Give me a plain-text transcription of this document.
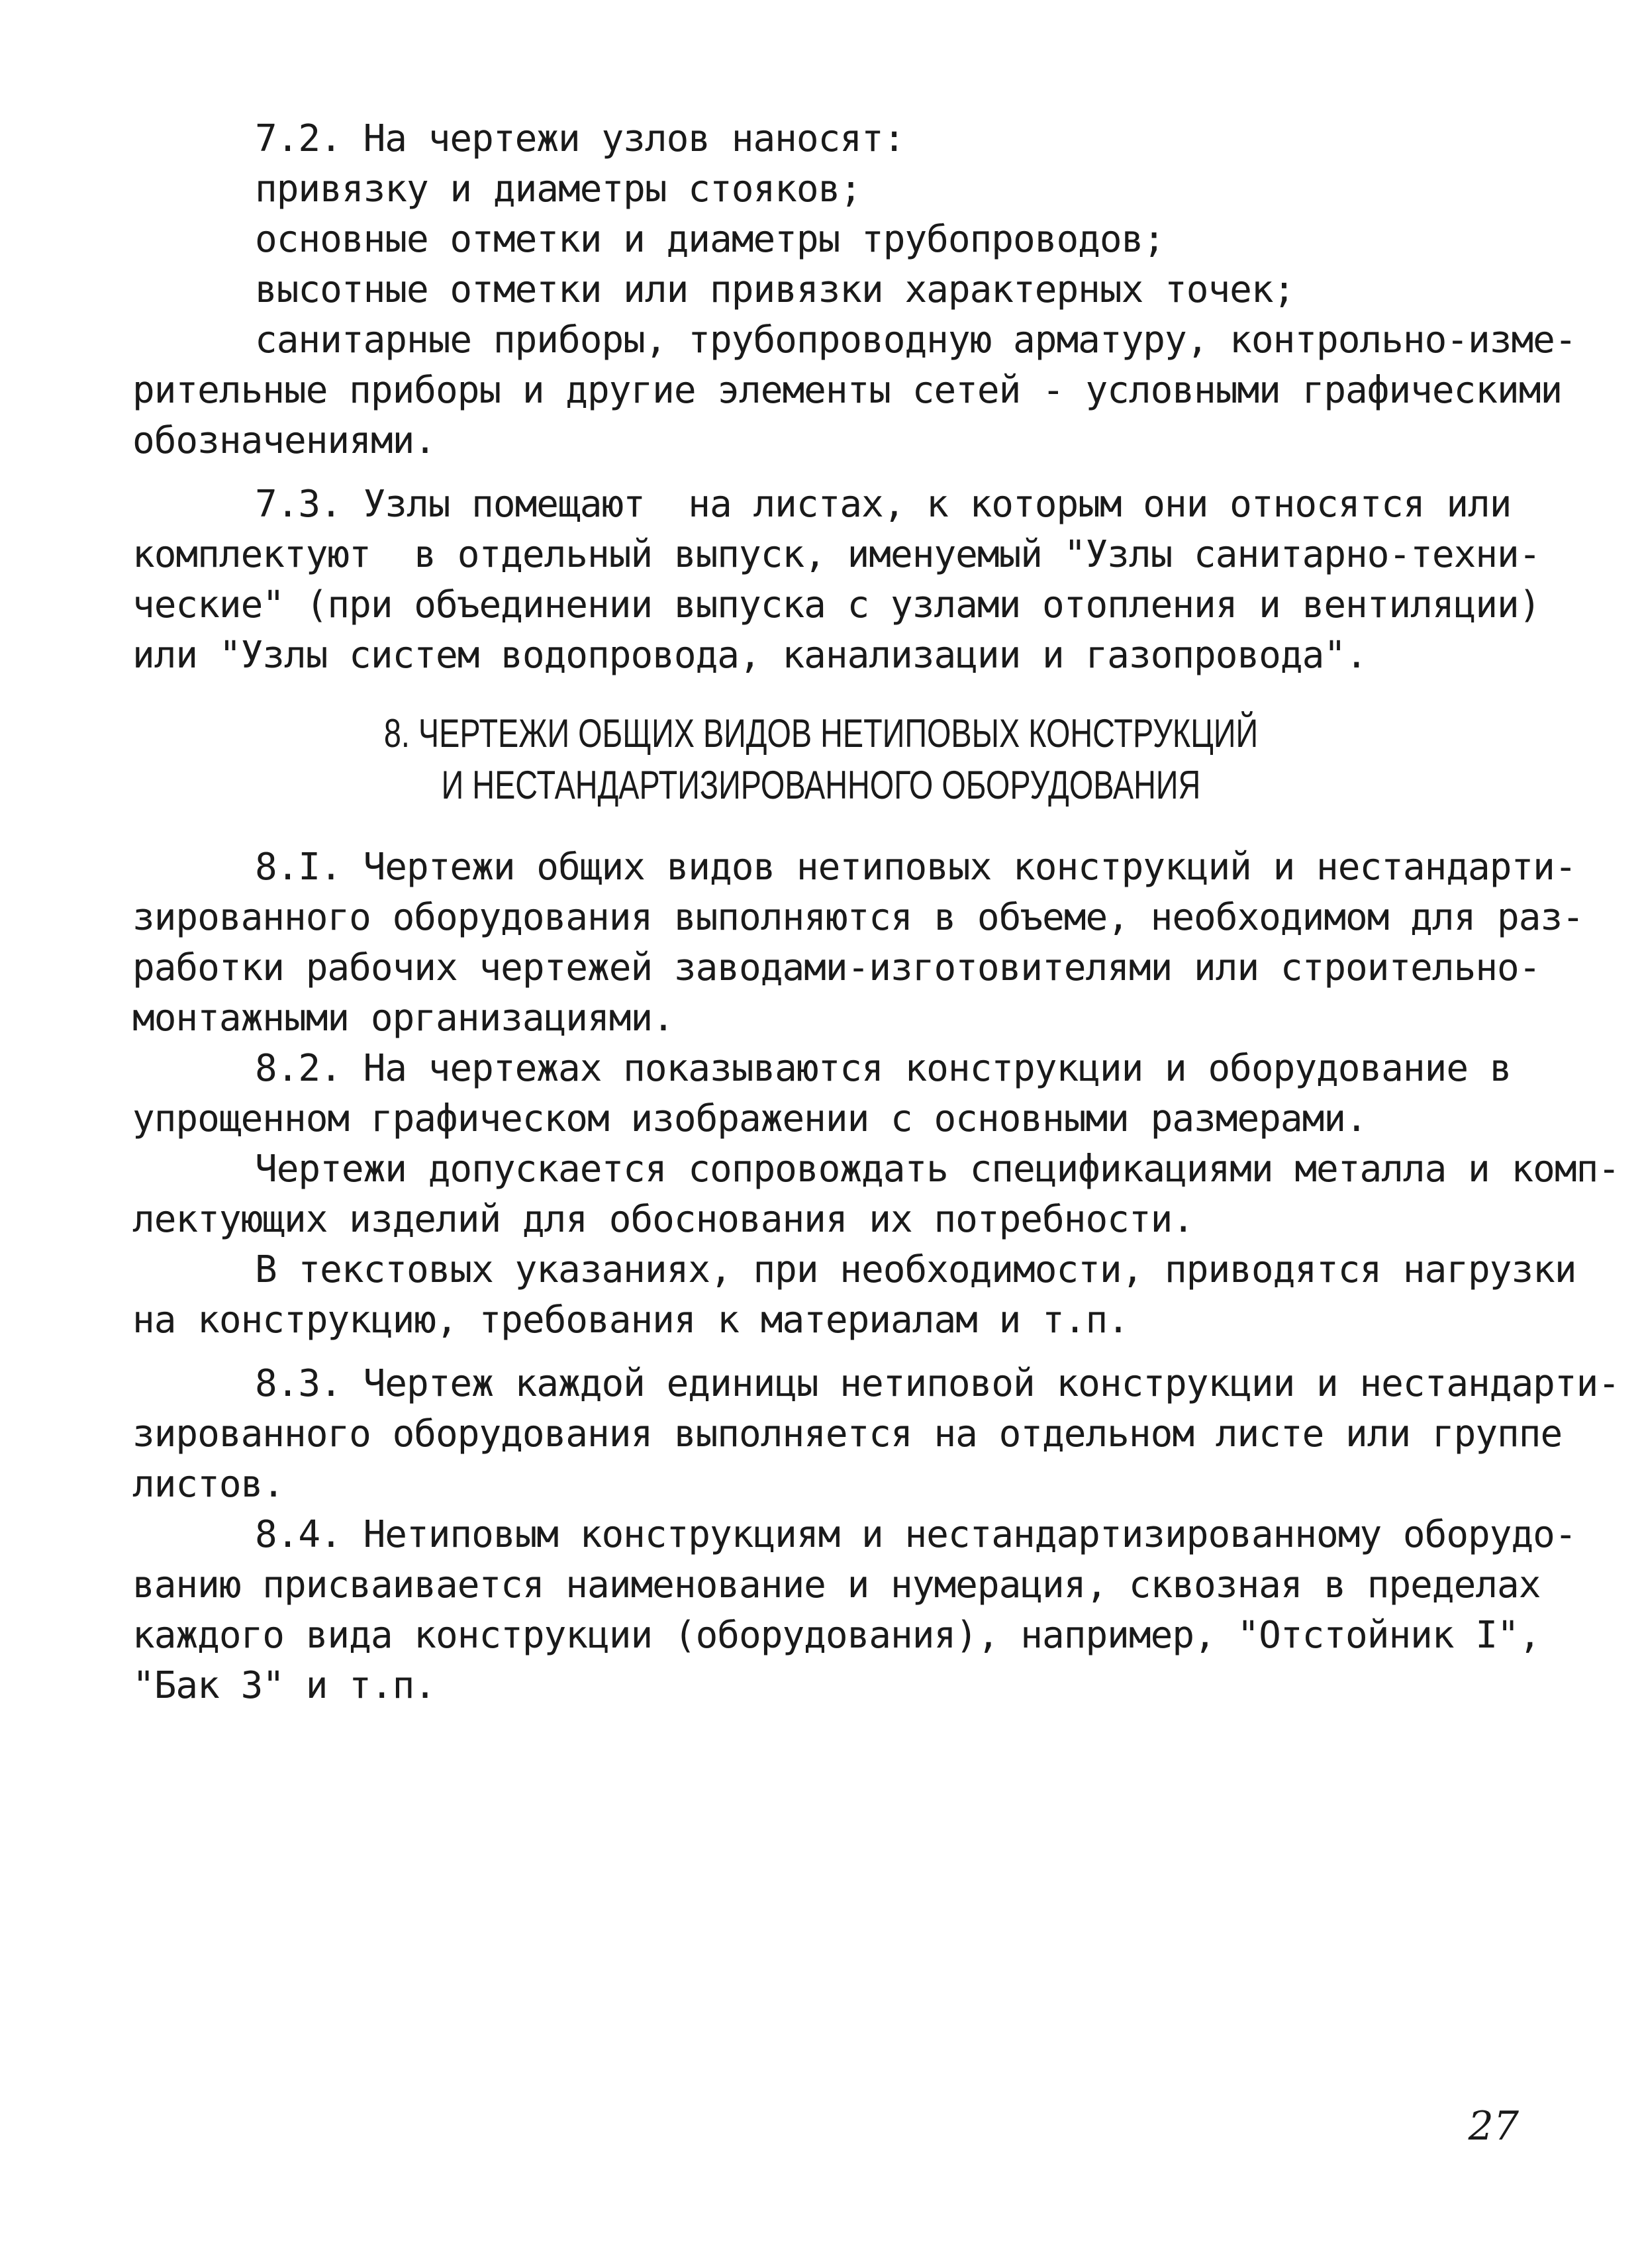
7.2. На чертежи узлов наносят:
привязку и диаметры стояков;
основные отметки и диаметры трубопроводов;
высотные отметки или привязки характерных точек;
санитарные приборы, трубопроводную арматуру, контрольно-изме-
рительные приборы и другие элементы сетей - условными графическими
обозначениями.
7.3. Узлы помещают  на листах, к которым они относятся или
комплектуют  в отдельный выпуск, именуемый "Узлы санитарно-техни-
ческие" (при объединении выпуска с узлами отопления и вентиляции)
или "Узлы систем водопровода, канализации и газопровода".
8. ЧЕРТЕЖИ ОБЩИХ ВИДОВ НЕТИПОВЫХ КОНСТРУКЦИЙ
И НЕСТАНДАРТИЗИРОВАННОГО ОБОРУДОВАНИЯ
8.I. Чертежи общих видов нетиповых конструкций и нестандарти-
зированного оборудования выполняются в объеме, необходимом для раз-
работки рабочих чертежей заводами-изготовителями или строительно-
монтажными организациями.
8.2. На чертежах показываются конструкции и оборудование в
упрощенном графическом изображении с основными размерами.
Чертежи допускается сопровождать спецификациями металла и комп-
лектующих изделий для обоснования их потребности.
В текстовых указаниях, при необходимости, приводятся нагрузки
на конструкцию, требования к материалам и т.п.
8.3. Чертеж каждой единицы нетиповой конструкции и нестандарти-
зированного оборудования выполняется на отдельном листе или группе
листов.
8.4. Нетиповым конструкциям и нестандартизированному оборудо-
ванию присваивается наименование и нумерация, сквозная в пределах
каждого вида конструкции (оборудования), например, "Отстойник I",
"Бак 3" и т.п.
27
